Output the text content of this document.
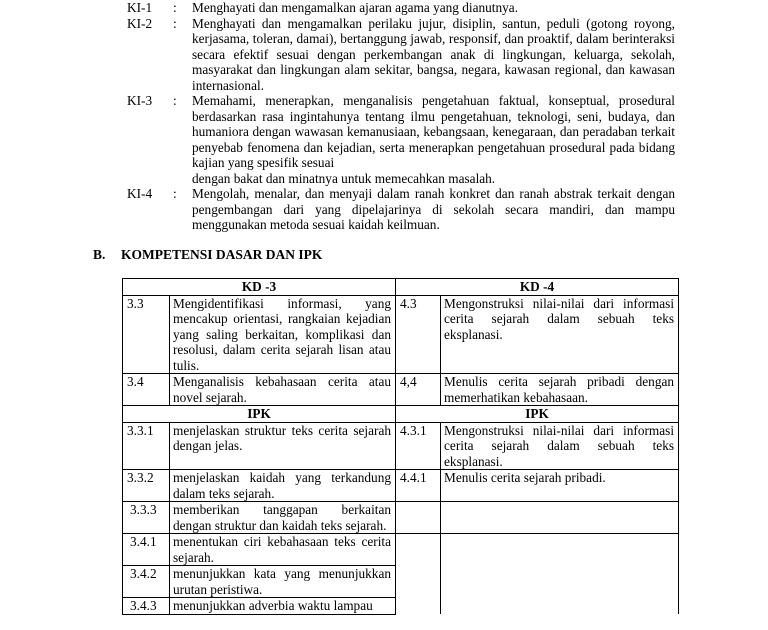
KI-1 : Menghayati dan mengamalkan ajaran agama yang dianutnya.

KI-2 : Menghayati dan mengamalkan perilaku jujur, disiplin, santun, peduli (gotong royong, kerjasama, toleran, damai), bertanggung jawab, responsif, dan proaktif, dalam berinteraksi secara efektif sesuai dengan perkembangan anak di lingkungan, keluarga, sekolah, masyarakat dan lingkungan alam sekitar, bangsa, negara, kawasan regional, dan kawasan internasional.

KI-3 : Memahami, menerapkan, menganalisis pengetahuan faktual, konseptual, prosedural berdasarkan rasa ingintahunya tentang ilmu pengetahuan, teknologi, seni, budaya, dan humaniora dengan wawasan kemanusiaan, kebangsaan, kenegaraan, dan peradaban terkait penyebab fenomena dan kejadian, serta menerapkan pengetahuan prosedural pada bidang kajian yang spesifik sesuai

dengan bakat dan minatnya untuk memecahkan masalah.

KI-4 : Mengolah, menalar, dan menyaji dalam ranah konkret dan ranah abstrak terkait dengan pengembangan dari yang dipelajarinya di sekolah secara mandiri, dan mampu menggunakan metoda sesuai kaidah keilmuan.

B. KOMPETENSI DASAR DAN IPK
KD -3		KD -4	
3.3	Mengidentifikasi informasi, yang mencakup orientasi, rangkaian kejadian yang saling berkaitan, komplikasi dan resolusi, dalam cerita sejarah lisan atau tulis.	4.3	Mengonstruksi nilai-nilai dari informasi cerita sejarah dalam sebuah teks eksplanasi.
3.4	Menganalisis kebahasaan cerita atau novel sejarah.	4,4	Menulis cerita sejarah pribadi dengan memerhatikan kebahasaan.
IPK		IPK	
3.3.1	menjelaskan struktur teks cerita sejarah dengan jelas.	4.3.1	Mengonstruksi nilai-nilai dari informasi cerita sejarah dalam sebuah teks eksplanasi.
3.3.2	menjelaskan kaidah yang terkandung dalam teks sejarah.	4.4.1	Menulis cerita sejarah pribadi.
3.3.3	memberikan tanggapan berkaitan dengan struktur dan kaidah teks sejarah.		
3.4.1	menentukan ciri kebahasaan teks cerita sejarah.		
3.4.2	menunjukkan kata yang menunjukkan urutan peristiwa.		
3.4.3	menunjukkan adverbia waktu lampau		
